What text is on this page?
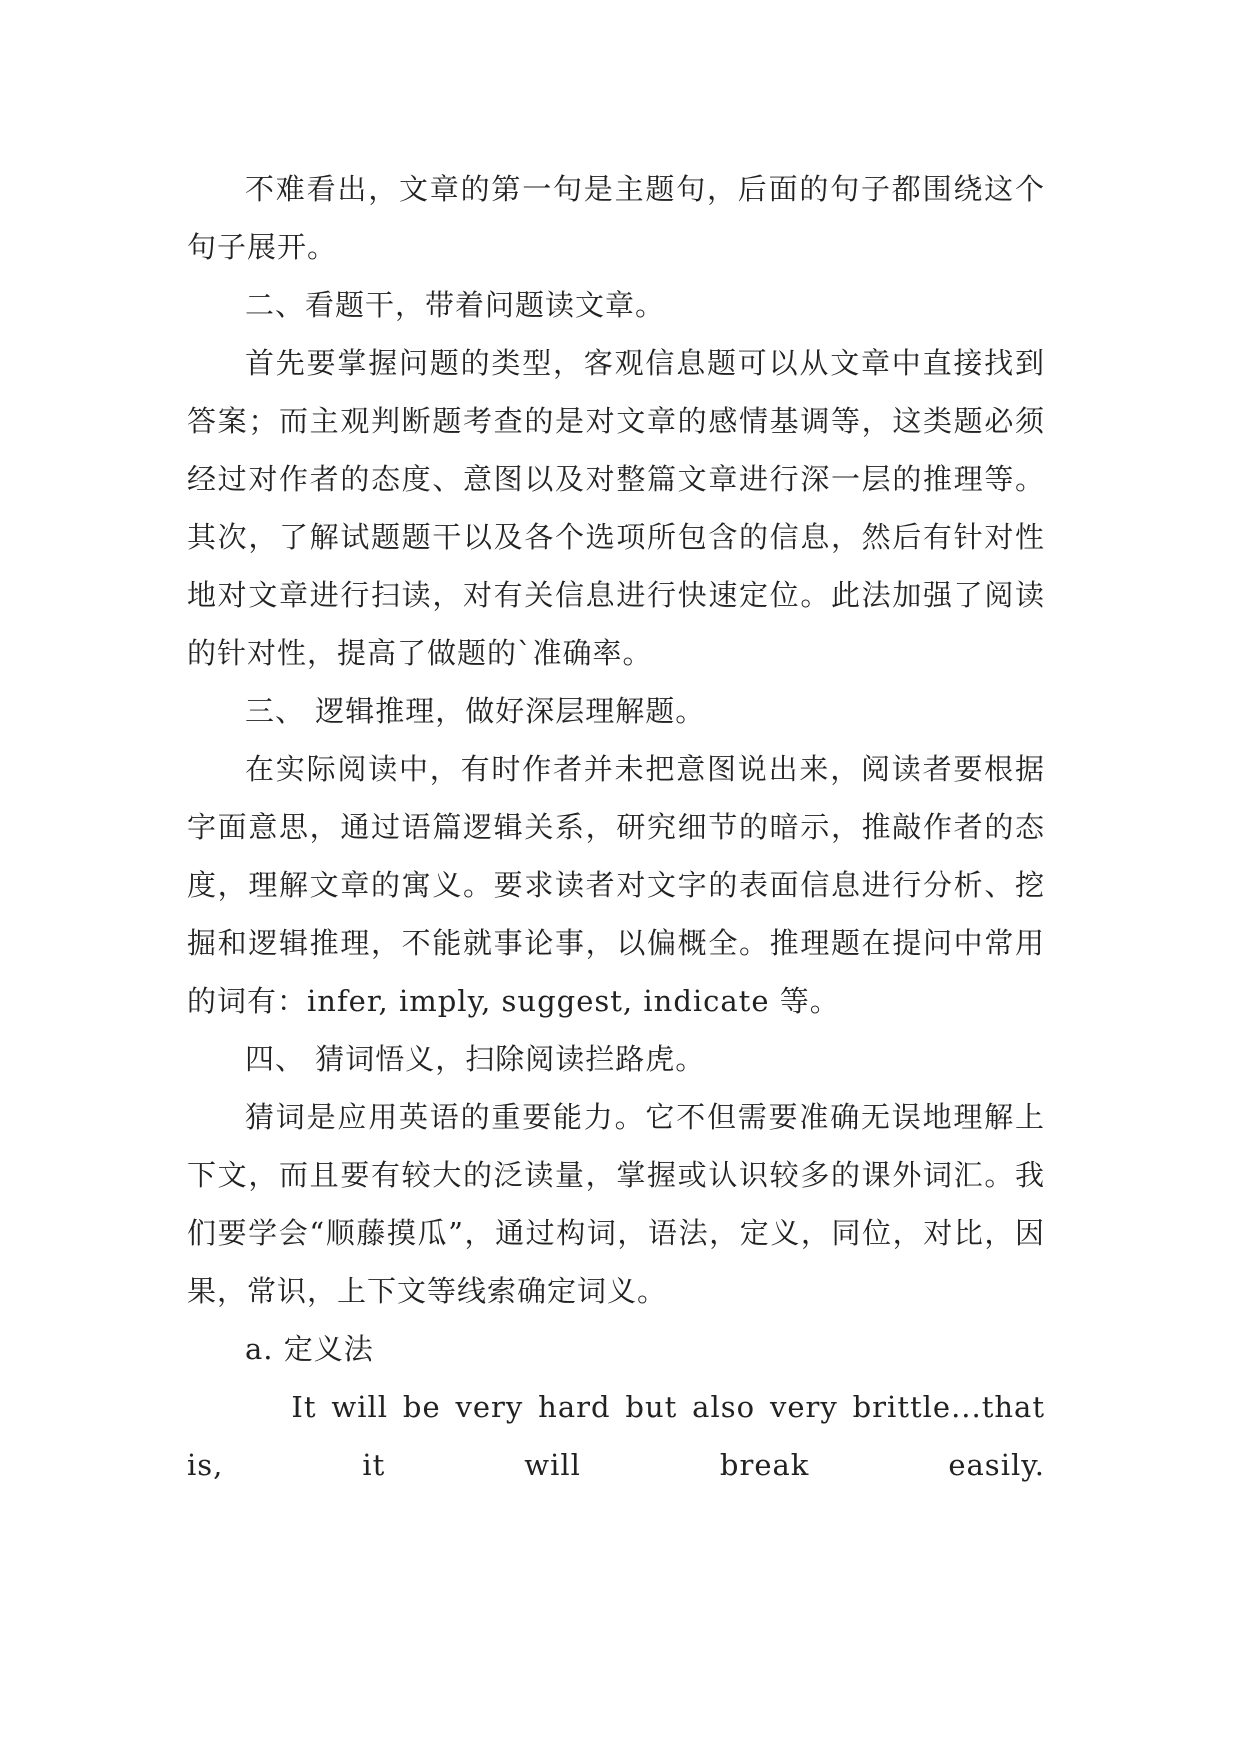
不难看出，文章的第一句是主题句，后面的句子都围绕这个句子展开。

二、看题干，带着问题读文章。

首先要掌握问题的类型，客观信息题可以从文章中直接找到答案；而主观判断题考查的是对文章的感情基调等，这类题必须经过对作者的态度、意图以及对整篇文章进行深一层的推理等。其次，了解试题题干以及各个选项所包含的信息，然后有针对性地对文章进行扫读，对有关信息进行快速定位。此法加强了阅读的针对性，提高了做题的`准确率。

三、 逻辑推理，做好深层理解题。

在实际阅读中，有时作者并未把意图说出来，阅读者要根据字面意思，通过语篇逻辑关系，研究细节的暗示，推敲作者的态度，理解文章的寓义。要求读者对文字的表面信息进行分析、挖掘和逻辑推理，不能就事论事，以偏概全。推理题在提问中常用的词有：infer, imply, suggest, indicate 等。

四、 猜词悟义，扫除阅读拦路虎。

猜词是应用英语的重要能力。它不但需要准确无误地理解上下文，而且要有较大的泛读量，掌握或认识较多的课外词汇。我们要学会“顺藤摸瓜”，通过构词，语法，定义，同位，对比，因果，常识，上下文等线索确定词义。

a. 定义法

It will be very hard but also very brittle...that is, it will break easily.
